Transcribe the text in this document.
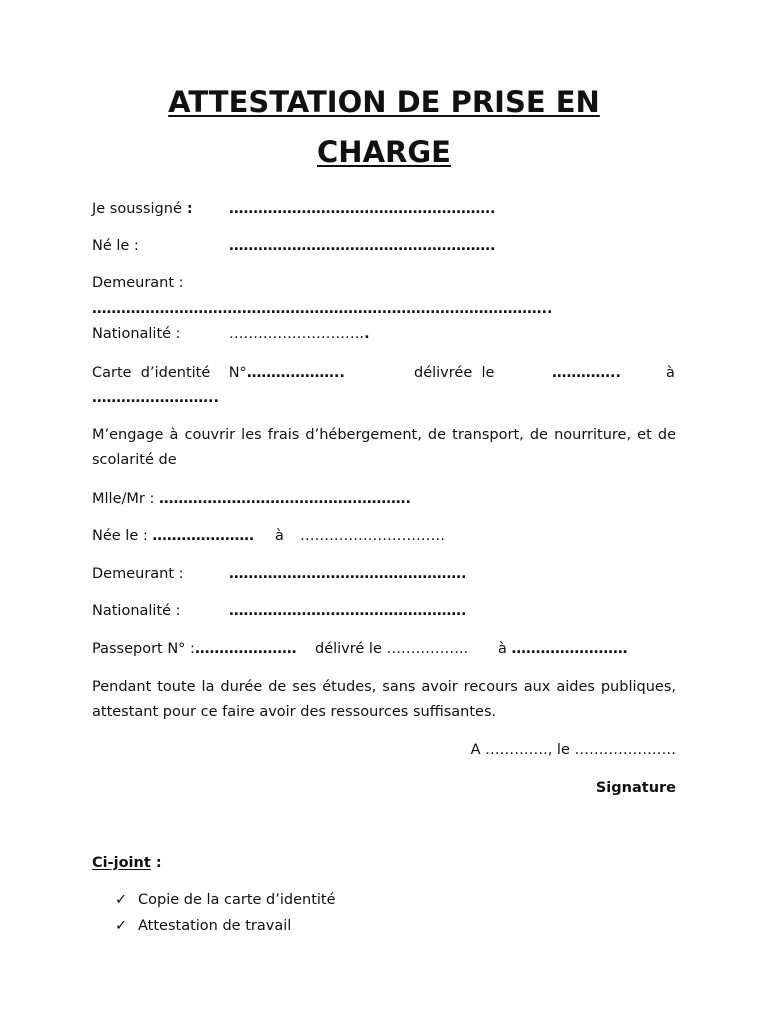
ATTESTATION DE PRISE EN
CHARGE
Je soussigné :	……………………………………………….
Né le :	……………………………………………….
Demeurant :
…………………………………………………………………………………..
Nationalité :	………………………..
Carte  d’identité    N°………………..	délivrée  le	…………..	à
……………………..
M’engage à couvrir les frais d’hébergement, de transport, de nourriture, et de scolarité de
Mlle/Mr : …………………………………………….
Née le : ………………… à …………………………
Demeurant :	………………………………………….
Nationalité :	………………………………………….
Passeport N° :………………… délivré le …………….. à ……………………
Pendant toute la durée de ses études, sans avoir recours aux aides publiques, attestant pour ce faire avoir des ressources suffisantes.
A …………., le …………………
Signature
Ci-joint :
✓ Copie de la carte d’identité
✓ Attestation de travail
